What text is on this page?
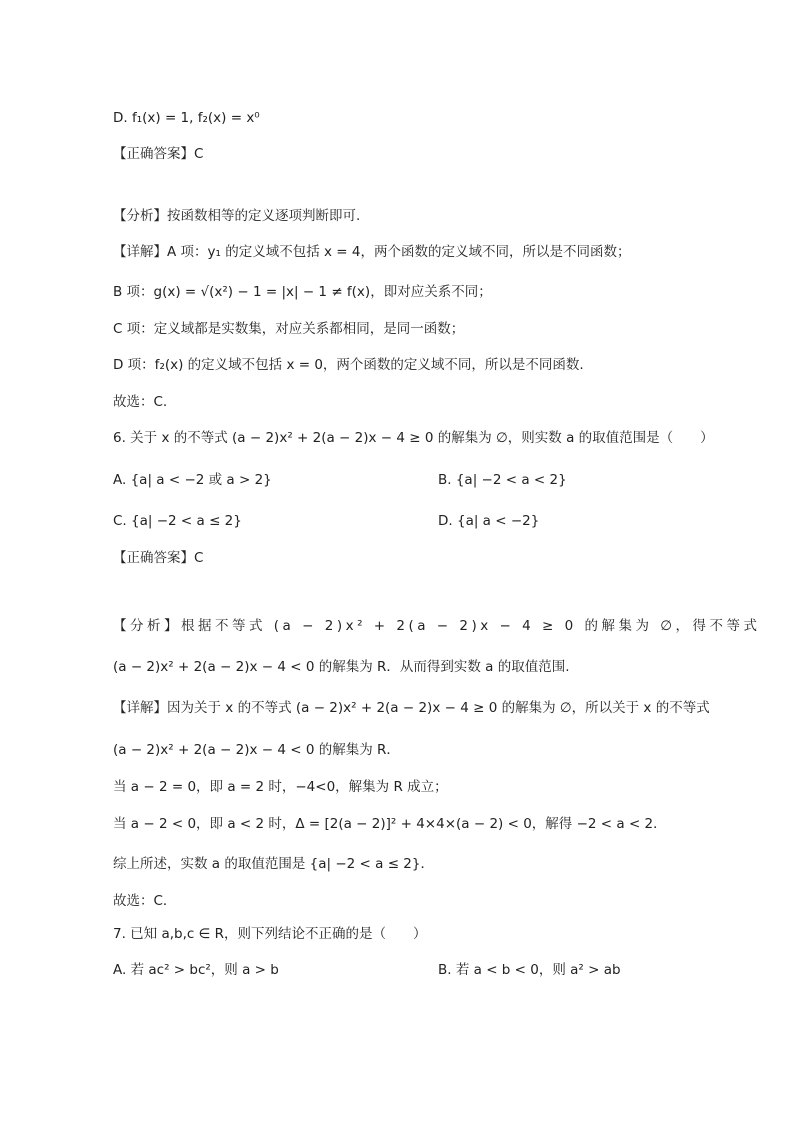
D. f₁(x) = 1, f₂(x) = x⁰
【正确答案】C
【分析】按函数相等的定义逐项判断即可.
【详解】A 项：y₁ 的定义域不包括 x = 4，两个函数的定义域不同，所以是不同函数；
B 项：g(x) = √(x²) − 1 = |x| − 1 ≠ f(x)，即对应关系不同；
C 项：定义域都是实数集，对应关系都相同，是同一函数；
D 项：f₂(x) 的定义域不包括 x = 0，两个函数的定义域不同，所以是不同函数.
故选：C.
6. 关于 x 的不等式 (a − 2)x² + 2(a − 2)x − 4 ≥ 0 的解集为 ∅，则实数 a 的取值范围是（　　）
A. {a| a < −2 或 a > 2}	B. {a| −2 < a < 2}
C. {a| −2 < a ≤ 2}	D. {a| a < −2}
【正确答案】C
【分析】根据不等式 (a − 2)x² + 2(a − 2)x − 4 ≥ 0 的解集为 ∅，得不等式
(a − 2)x² + 2(a − 2)x − 4 < 0 的解集为 R．从而得到实数 a 的取值范围.
【详解】因为关于 x 的不等式 (a − 2)x² + 2(a − 2)x − 4 ≥ 0 的解集为 ∅，所以关于 x 的不等式
(a − 2)x² + 2(a − 2)x − 4 < 0 的解集为 R．
当 a − 2 = 0，即 a = 2 时，−4<0，解集为 R 成立；
当 a − 2 < 0，即 a < 2 时，Δ = [2(a − 2)]² + 4×4×(a − 2) < 0，解得 −2 < a < 2．
综上所述，实数 a 的取值范围是 {a| −2 < a ≤ 2}．
故选：C．
7. 已知 a,b,c ∈ R，则下列结论不正确的是（　　）
A. 若 ac² > bc²，则 a > b	B. 若 a < b < 0，则 a² > ab
